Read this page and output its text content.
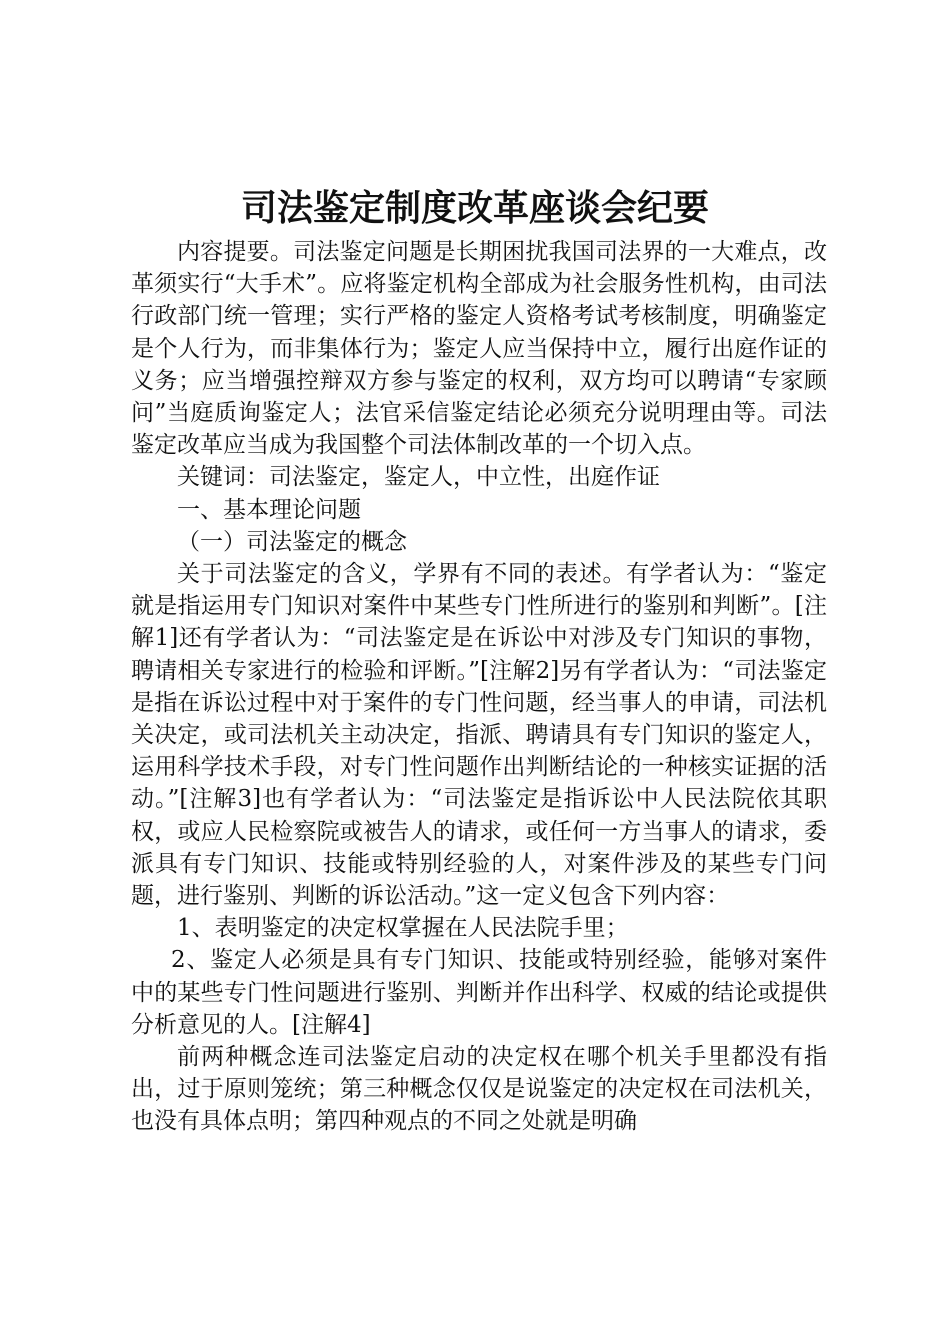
司法鉴定制度改革座谈会纪要

内容提要。司法鉴定问题是长期困扰我国司法界的一大难点，改革须实行“大手术”。应将鉴定机构全部成为社会服务性机构，由司法行政部门统一管理；实行严格的鉴定人资格考试考核制度，明确鉴定是个人行为，而非集体行为；鉴定人应当保持中立，履行出庭作证的义务；应当增强控辩双方参与鉴定的权利，双方均可以聘请“专家顾问”当庭质询鉴定人；法官采信鉴定结论必须充分说明理由等。司法鉴定改革应当成为我国整个司法体制改革的一个切入点。

关键词：司法鉴定，鉴定人，中立性，出庭作证

一、基本理论问题

（一）司法鉴定的概念

关于司法鉴定的含义，学界有不同的表述。有学者认为：“鉴定就是指运用专门知识对案件中某些专门性所进行的鉴别和判断”。[注解1]还有学者认为：“司法鉴定是在诉讼中对涉及专门知识的事物，聘请相关专家进行的检验和评断。”[注解2]另有学者认为：“司法鉴定是指在诉讼过程中对于案件的专门性问题，经当事人的申请，司法机关决定，或司法机关主动决定，指派、聘请具有专门知识的鉴定人，运用科学技术手段，对专门性问题作出判断结论的一种核实证据的活动。”[注解3]也有学者认为：“司法鉴定是指诉讼中人民法院依其职权，或应人民检察院或被告人的请求，或任何一方当事人的请求，委派具有专门知识、技能或特别经验的人，对案件涉及的某些专门问题，进行鉴别、判断的诉讼活动。”这一定义包含下列内容：

1、表明鉴定的决定权掌握在人民法院手里；

2、鉴定人必须是具有专门知识、技能或特别经验，能够对案件中的某些专门性问题进行鉴别、判断并作出科学、权威的结论或提供分析意见的人。[注解4]

前两种概念连司法鉴定启动的决定权在哪个机关手里都没有指出，过于原则笼统；第三种概念仅仅是说鉴定的决定权在司法机关，也没有具体点明；第四种观点的不同之处就是明确
